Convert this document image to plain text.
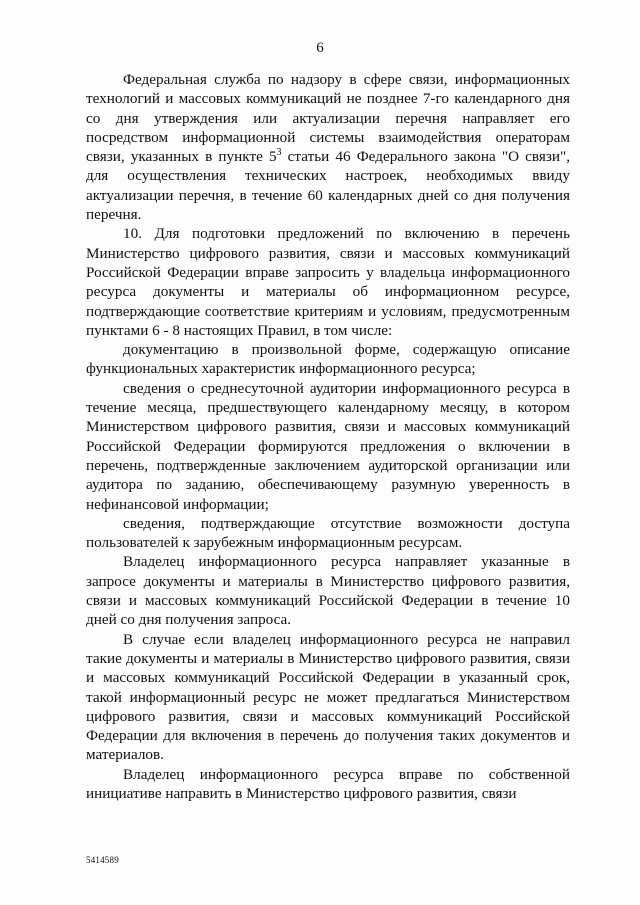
6

Федеральная служба по надзору в сфере связи, информационных технологий и массовых коммуникаций не позднее 7-го календарного дня со дня утверждения или актуализации перечня направляет его посредством информационной системы взаимодействия операторам связи, указанных в пункте $5^3$ статьи 46 Федерального закона "О связи", для осуществления технических настроек, необходимых ввиду актуализации перечня, в течение 60 календарных дней со дня получения перечня.

10. Для подготовки предложений по включению в перечень Министерство цифрового развития, связи и массовых коммуникаций Российской Федерации вправе запросить у владельца информационного ресурса документы и материалы об информационном ресурсе, подтверждающие соответствие критериям и условиям, предусмотренным пунктами 6 - 8 настоящих Правил, в том числе:

документацию в произвольной форме, содержащую описание функциональных характеристик информационного ресурса;

сведения о среднесуточной аудитории информационного ресурса в течение месяца, предшествующего календарному месяцу, в котором Министерством цифрового развития, связи и массовых коммуникаций Российской Федерации формируются предложения о включении в перечень, подтвержденные заключением аудиторской организации или аудитора по заданию, обеспечивающему разумную уверенность в нефинансовой информации;

сведения, подтверждающие отсутствие возможности доступа пользователей к зарубежным информационным ресурсам.

Владелец информационного ресурса направляет указанные в запросе документы и материалы в Министерство цифрового развития, связи и массовых коммуникаций Российской Федерации в течение 10 дней со дня получения запроса.

В случае если владелец информационного ресурса не направил такие документы и материалы в Министерство цифрового развития, связи и массовых коммуникаций Российской Федерации в указанный срок, такой информационный ресурс не может предлагаться Министерством цифрового развития, связи и массовых коммуникаций Российской Федерации для включения в перечень до получения таких документов и материалов.

Владелец информационного ресурса вправе по собственной инициативе направить в Министерство цифрового развития, связи

5414589
